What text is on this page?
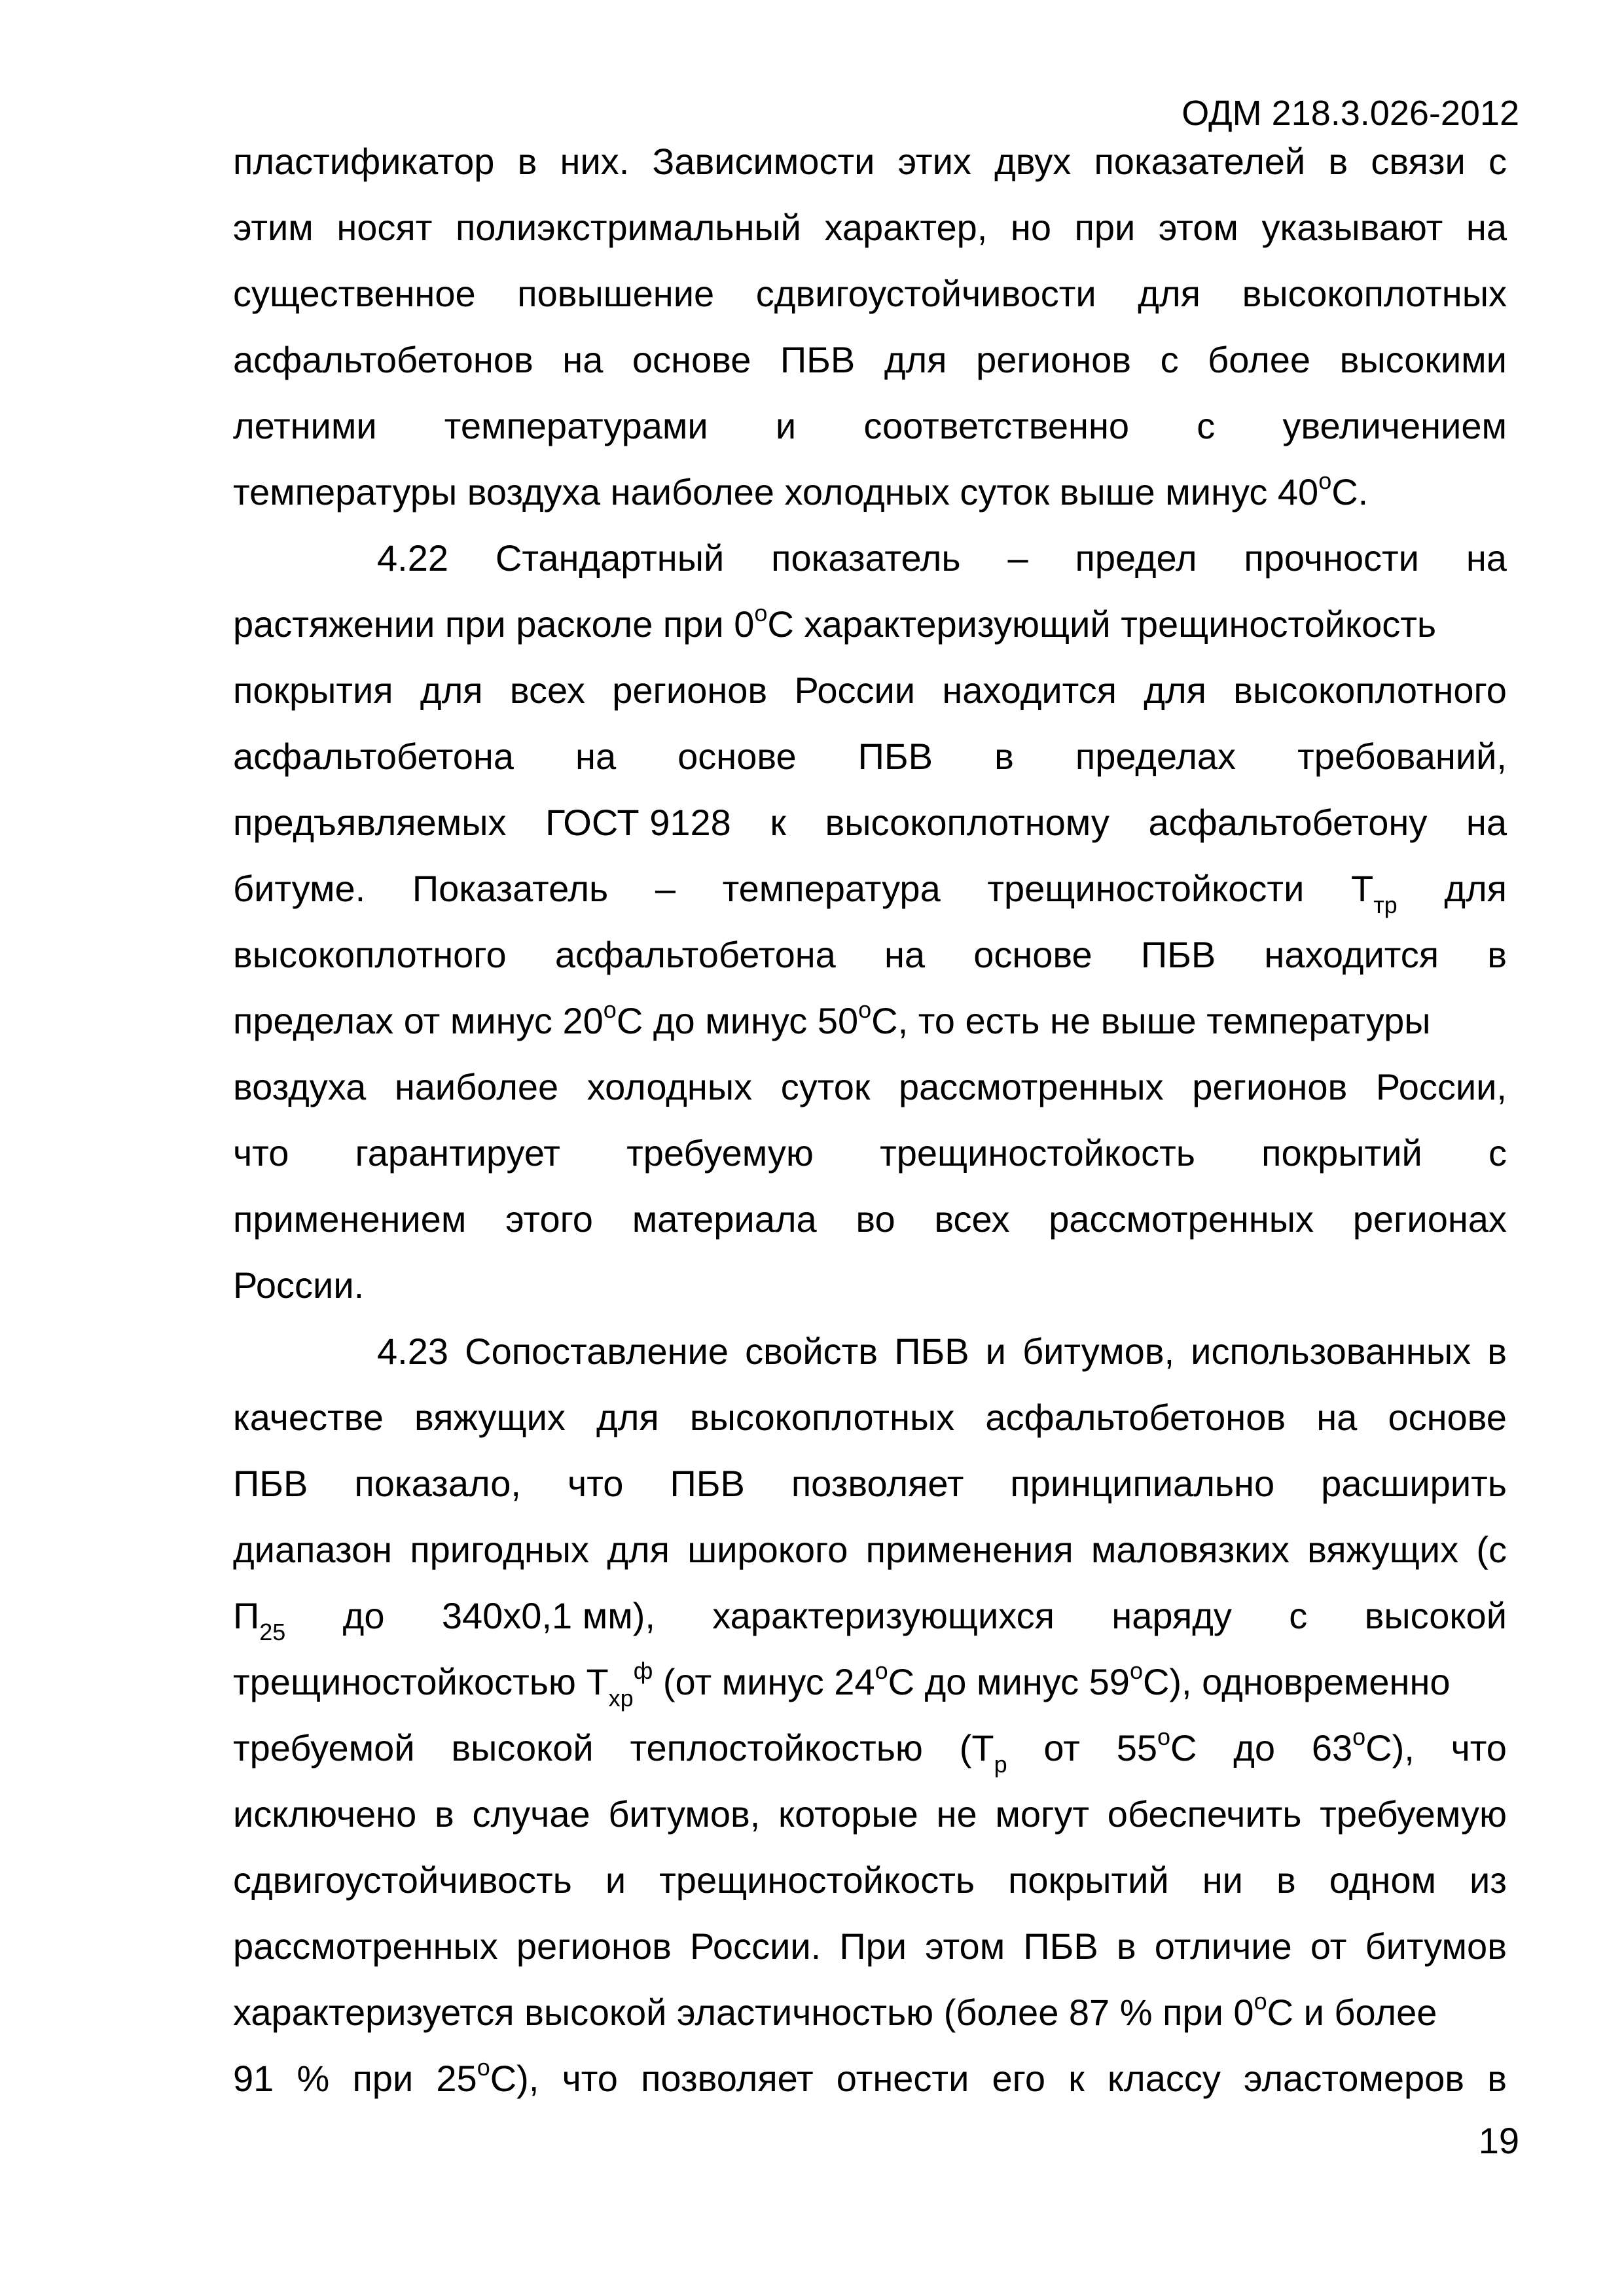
ОДМ 218.3.026-2012
пластификатор в них. Зависимости этих двух показателей в связи с
этим носят полиэкстримальный характер, но при этом указывают на
существенное повышение сдвигоустойчивости для высокоплотных
асфальтобетонов на основе ПБВ для регионов с более высокими
летними температурами и соответственно с увеличением
температуры воздуха наиболее холодных суток выше минус $40^оС$.
4.22 Стандартный показатель – предел прочности на
растяжении при расколе при $0^оС$ характеризующий трещиностойкость
покрытия для всех регионов России находится для высокоплотного
асфальтобетона на основе ПБВ в пределах требований,
предъявляемых ГОСТ 9128 к высокоплотному асфальтобетону на
битуме. Показатель – температура трещиностойкости $Т_{тр}$ для
высокоплотного асфальтобетона на основе ПБВ находится в
пределах от минус $20^оС$ до минус $50^оС$, то есть не выше температуры
воздуха наиболее холодных суток рассмотренных регионов России,
что гарантирует требуемую трещиностойкость покрытий с
применением этого материала во всех рассмотренных регионах
России.
4.23 Сопоставление свойств ПБВ и битумов, использованных в
качестве вяжущих для высокоплотных асфальтобетонов на основе
ПБВ показало, что ПБВ позволяет принципиально расширить
диапазон пригодных для широкого применения маловязких вяжущих (с
$П_{25}$ до 340х0,1 мм), характеризующихся наряду с высокой
трещиностойкостью $Т_{хр}^ф$ (от минус $24^оС$ до минус $59^оС$), одновременно
требуемой высокой теплостойкостью ($Т_р$ от $55^оС$ до $63^оС$), что
исключено в случае битумов, которые не могут обеспечить требуемую
сдвигоустойчивость и трещиностойкость покрытий ни в одном из
рассмотренных регионов России. При этом ПБВ в отличие от битумов
характеризуется высокой эластичностью (более 87 % при $0^оС$ и более
91 % при $25^оС$), что позволяет отнести его к классу эластомеров в
19
